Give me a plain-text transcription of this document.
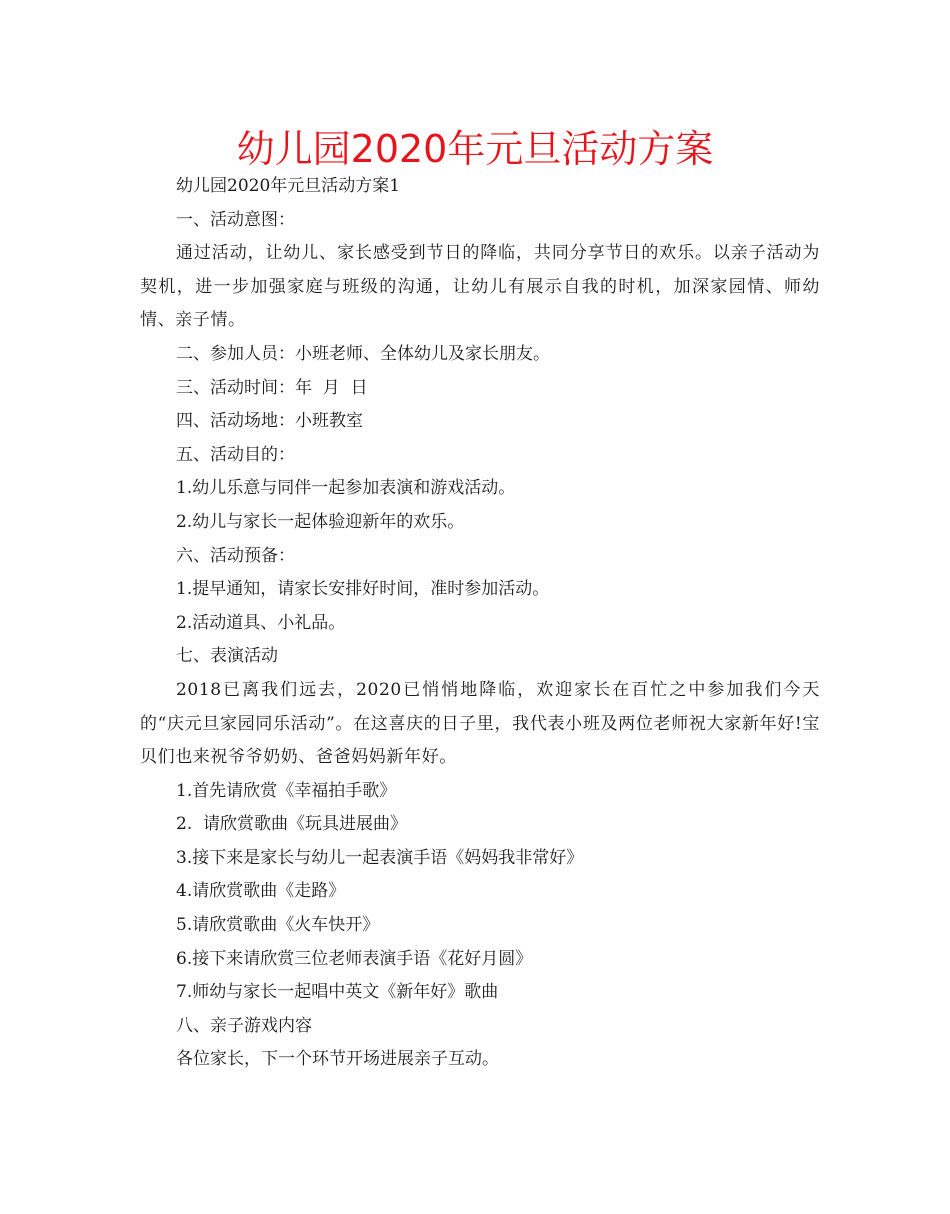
幼儿园2020年元旦活动方案
幼儿园2020年元旦活动方案1
一、活动意图：
通过活动，让幼儿、家长感受到节日的降临，共同分享节日的欢乐。以亲子活动为契机，进一步加强家庭与班级的沟通，让幼儿有展示自我的时机，加深家园情、师幼情、亲子情。
二、参加人员：小班老师、全体幼儿及家长朋友。
三、活动时间：年  月  日
四、活动场地：小班教室
五、活动目的：
1.幼儿乐意与同伴一起参加表演和游戏活动。
2.幼儿与家长一起体验迎新年的欢乐。
六、活动预备：
1.提早通知，请家长安排好时间，准时参加活动。
2.活动道具、小礼品。
七、表演活动
2018已离我们远去，2020已悄悄地降临，欢迎家长在百忙之中参加我们今天的“庆元旦家园同乐活动”。在这喜庆的日子里，我代表小班及两位老师祝大家新年好!宝贝们也来祝爷爷奶奶、爸爸妈妈新年好。
1.首先请欣赏《幸福拍手歌》
2.  请欣赏歌曲《玩具进展曲》
3.接下来是家长与幼儿一起表演手语《妈妈我非常好》
4.请欣赏歌曲《走路》
5.请欣赏歌曲《火车快开》
6.接下来请欣赏三位老师表演手语《花好月圆》
7.师幼与家长一起唱中英文《新年好》歌曲
八、亲子游戏内容
各位家长，下一个环节开场进展亲子互动。
